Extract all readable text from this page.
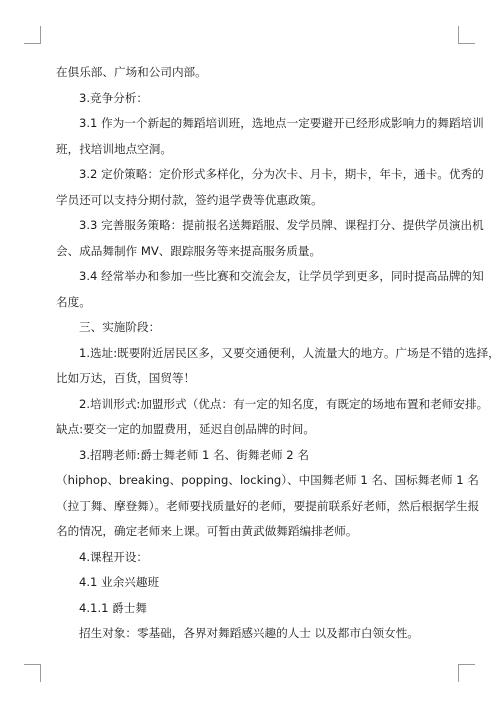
在俱乐部、广场和公司内部。

3.竞争分析：

3.1 作为一个新起的舞蹈培训班，选地点一定要避开已经形成影响力的舞蹈培训
班，找培训地点空洞。

3.2 定价策略：定价形式多样化，分为次卡、月卡，期卡，年卡，通卡。优秀的
学员还可以支持分期付款，签约退学费等优惠政策。

3.3 完善服务策略：提前报名送舞蹈服、发学员牌、课程打分、提供学员演出机
会、成品舞制作 MV、跟踪服务等来提高服务质量。

3.4 经常举办和参加一些比赛和交流会友，让学员学到更多，同时提高品牌的知
名度。

三、实施阶段：

1.选址:既要附近居民区多，又要交通便利，人流量大的地方。广场是不错的选择，
比如万达，百货，国贸等！

2.培训形式:加盟形式（优点：有一定的知名度，有既定的场地布置和老师安排。
缺点:要交一定的加盟费用，延迟自创品牌的时间。

3.招聘老师:爵士舞老师 1 名、街舞老师 2 名

（hiphop、breaking、popping、locking）、中国舞老师 1 名、国标舞老师 1 名
（拉丁舞、摩登舞）。老师要找质量好的老师，要提前联系好老师，然后根据学生报
名的情况，确定老师来上课。可暂由黄武做舞蹈编排老师。

4.课程开设：

4.1 业余兴趣班

4.1.1 爵士舞

招生对象：零基础，各界对舞蹈感兴趣的人士 以及都市白领女性。
